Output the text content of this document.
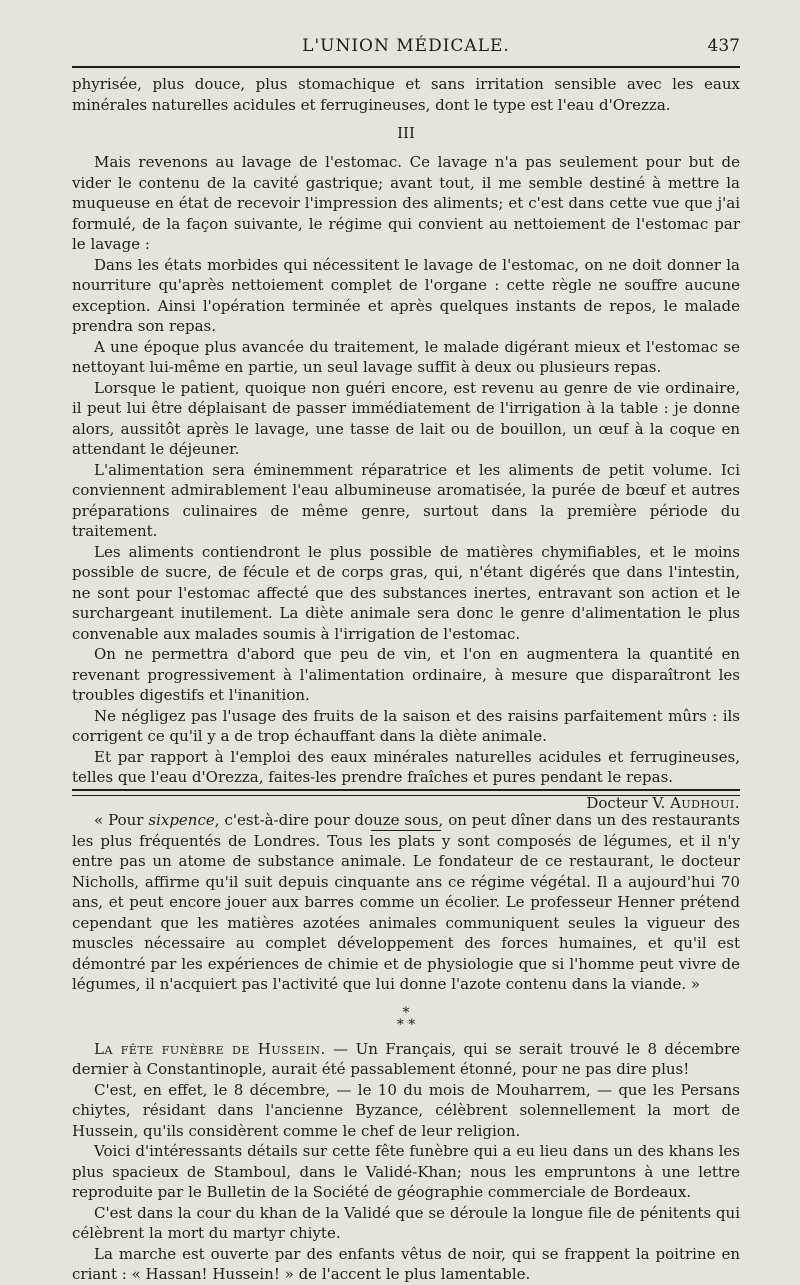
L'UNION MÉDICALE.	437

phyrisée, plus douce, plus stomachique et sans irritation sensible avec les eaux minérales naturelles acidules et ferrugineuses, dont le type est l'eau d'Orezza.

III

Mais revenons au lavage de l'estomac. Ce lavage n'a pas seulement pour but de vider le contenu de la cavité gastrique; avant tout, il me semble destiné à mettre la muqueuse en état de recevoir l'impression des aliments; et c'est dans cette vue que j'ai formulé, de la façon suivante, le régime qui convient au nettoiement de l'estomac par le lavage :

Dans les états morbides qui nécessitent le lavage de l'estomac, on ne doit donner la nourriture qu'après nettoiement complet de l'organe : cette règle ne souffre aucune exception. Ainsi l'opération terminée et après quelques instants de repos, le malade prendra son repas.

A une époque plus avancée du traitement, le malade digérant mieux et l'estomac se nettoyant lui-même en partie, un seul lavage suffit à deux ou plusieurs repas.

Lorsque le patient, quoique non guéri encore, est revenu au genre de vie ordinaire, il peut lui être déplaisant de passer immédiatement de l'irrigation à la table : je donne alors, aussitôt après le lavage, une tasse de lait ou de bouillon, un œuf à la coque en attendant le déjeuner.

L'alimentation sera éminemment réparatrice et les aliments de petit volume. Ici conviennent admirablement l'eau albumineuse aromatisée, la purée de bœuf et autres préparations culinaires de même genre, surtout dans la première période du traitement.

Les aliments contiendront le plus possible de matières chymifiables, et le moins possible de sucre, de fécule et de corps gras, qui, n'étant digérés que dans l'intestin, ne sont pour l'estomac affecté que des substances inertes, entravant son action et le surchargeant inutilement. La diète animale sera donc le genre d'alimentation le plus convenable aux malades soumis à l'irrigation de l'estomac.

On ne permettra d'abord que peu de vin, et l'on en augmentera la quantité en revenant progressivement à l'alimentation ordinaire, à mesure que disparaîtront les troubles digestifs et l'inanition.

Ne négligez pas l'usage des fruits de la saison et des raisins parfaitement mûrs : ils corrigent ce qu'il y a de trop échauffant dans la diète animale.

Et par rapport à l'emploi des eaux minérales naturelles acidules et ferrugineuses, telles que l'eau d'Orezza, faites-les prendre fraîches et pures pendant le repas.

Docteur V. Audhoui.

« Pour sixpence, c'est-à-dire pour douze sous, on peut dîner dans un des restaurants les plus fréquentés de Londres. Tous les plats y sont composés de légumes, et il n'y entre pas un atome de substance animale. Le fondateur de ce restaurant, le docteur Nicholls, affirme qu'il suit depuis cinquante ans ce régime végétal. Il a aujourd'hui 70 ans, et peut encore jouer aux barres comme un écolier. Le professeur Henner prétend cependant que les matières azotées animales communiquent seules la vigueur des muscles nécessaire au complet développement des forces humaines, et qu'il est démontré par les expériences de chimie et de physiologie que si l'homme peut vivre de légumes, il n'acquiert pas l'activité que lui donne l'azote contenu dans la viande. »

*
* *

La fête funèbre de Hussein. — Un Français, qui se serait trouvé le 8 décembre dernier à Constantinople, aurait été passablement étonné, pour ne pas dire plus!

C'est, en effet, le 8 décembre, — le 10 du mois de Mouharrem, — que les Persans chiytes, résidant dans l'ancienne Byzance, célèbrent solennellement la mort de Hussein, qu'ils considèrent comme le chef de leur religion.

Voici d'intéressants détails sur cette fête funèbre qui a eu lieu dans un des khans les plus spacieux de Stamboul, dans le Validé-Khan; nous les empruntons à une lettre reproduite par le Bulletin de la Société de géographie commerciale de Bordeaux.

C'est dans la cour du khan de la Validé que se déroule la longue file de pénitents qui célèbrent la mort du martyr chiyte.

La marche est ouverte par des enfants vêtus de noir, qui se frappent la poitrine en criant : « Hassan! Hussein! » de l'accent le plus lamentable.
